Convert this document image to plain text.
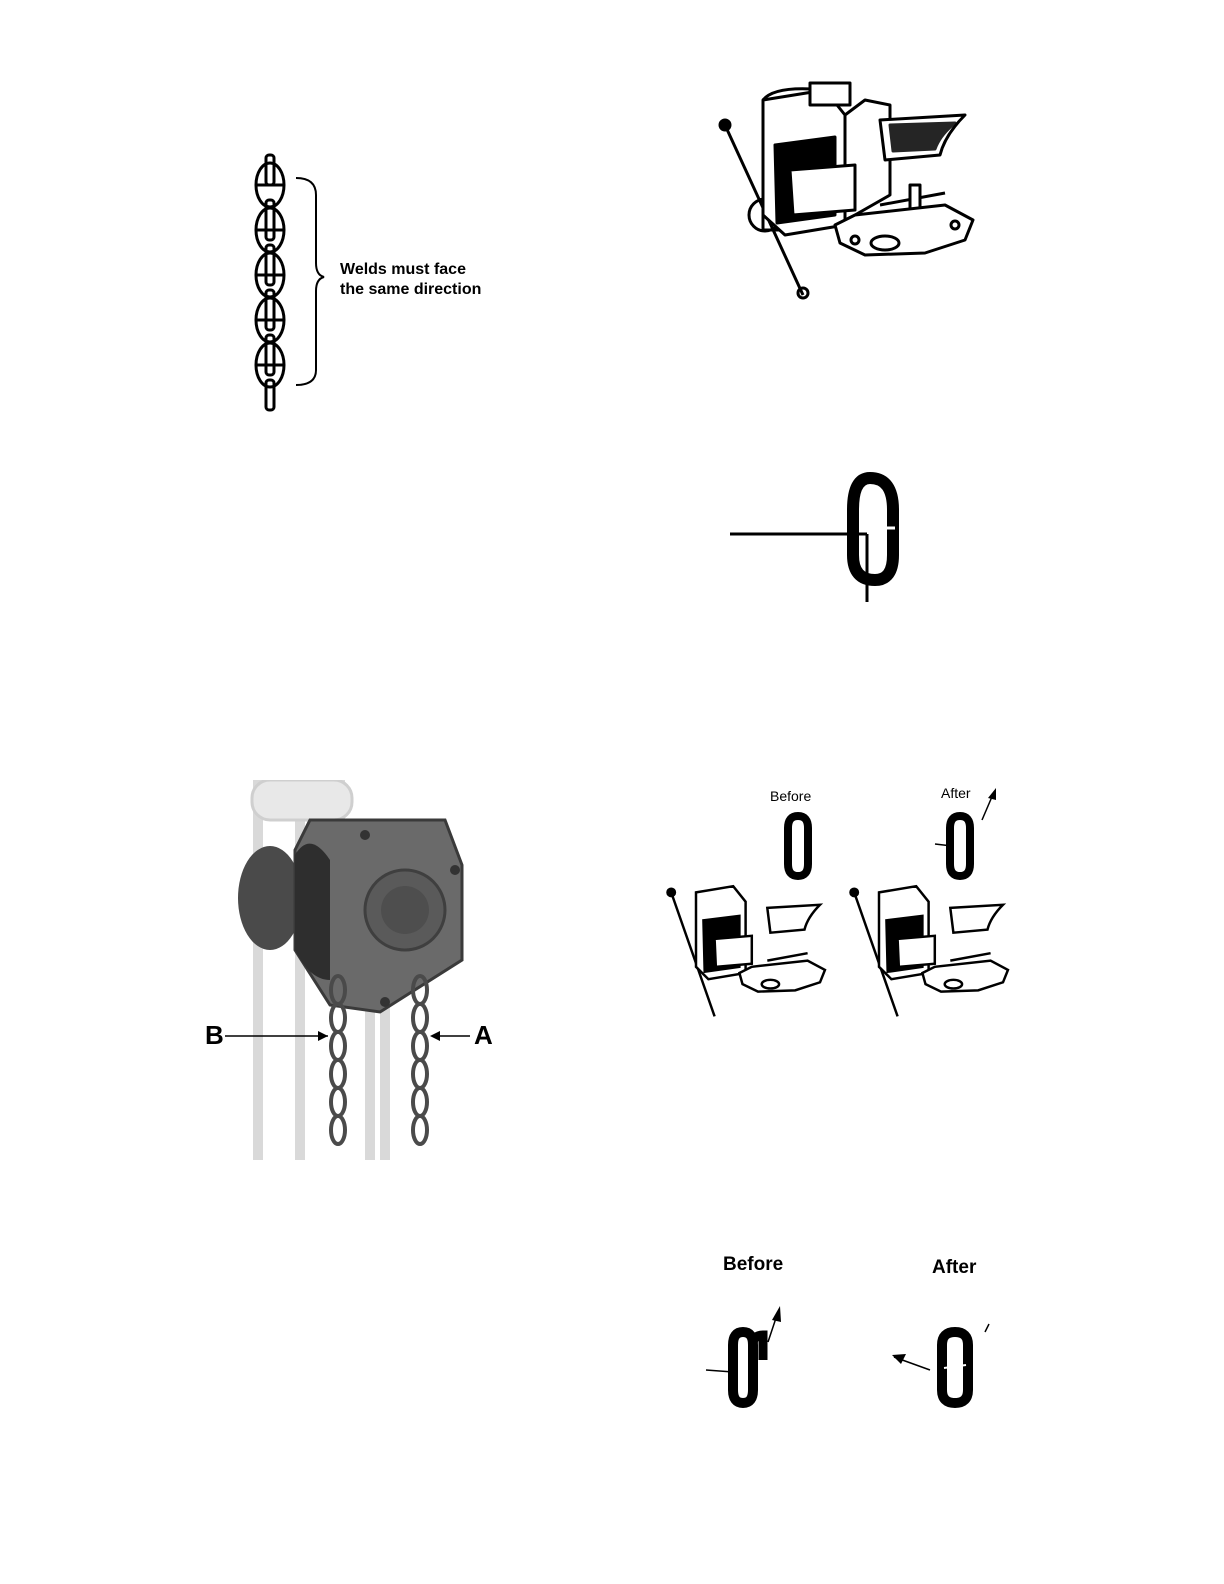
Welds must face
the same direction
B	A
Before	After
Before	After
